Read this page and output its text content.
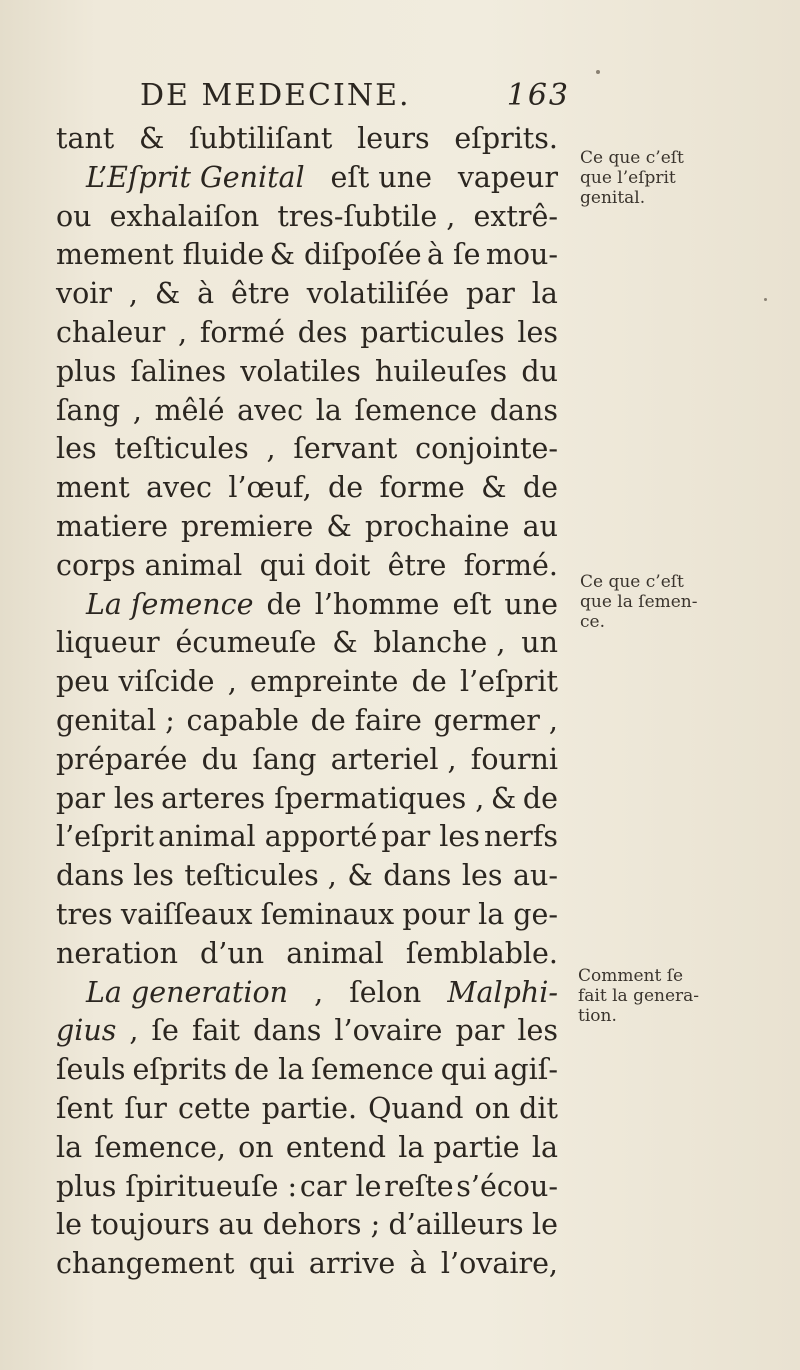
DE MEDECINE.	163
tant & ſubtiliſant leurs eſprits.
L’Eſprit Genital eſt une vapeur
ou exhalaiſon tres-ſubtile , extrê-
mement fluide & diſpoſée à ſe mou-
voir , & à être volatiliſée par la
chaleur , formé des particules les
plus ſalines volatiles huileuſes du
ſang , mêlé avec la ſemence dans
les teſticules , ſervant conjointe-
ment avec l’œuf, de forme & de
matiere premiere & prochaine au
corps animal qui doit être formé.
La ſemence de l’homme eſt une
liqueur écumeuſe & blanche , un
peu viſcide , empreinte de l’eſprit
genital ; capable de faire germer ,
préparée du ſang arteriel , fourni
par les arteres ſpermatiques , & de
l’eſprit animal apporté par les nerfs
dans les teſticules , & dans les au-
tres vaiſſeaux ſeminaux pour la ge-
neration d’un animal ſemblable.
La generation , ſelon Malphi-
gius , ſe fait dans l’ovaire par les
ſeuls eſprits de la ſemence qui agiſ-
ſent ſur cette partie. Quand on dit
la ſemence, on entend la partie la
plus ſpiritueuſe : car le reſte s’écou-
le toujours au dehors ; d’ailleurs le
changement qui arrive à l’ovaire,
Ce que c’eſt
que l’eſprit
genital.
Ce que c’eſt
que la ſemen-
ce.
Comment ſe
fait la genera-
tion.
